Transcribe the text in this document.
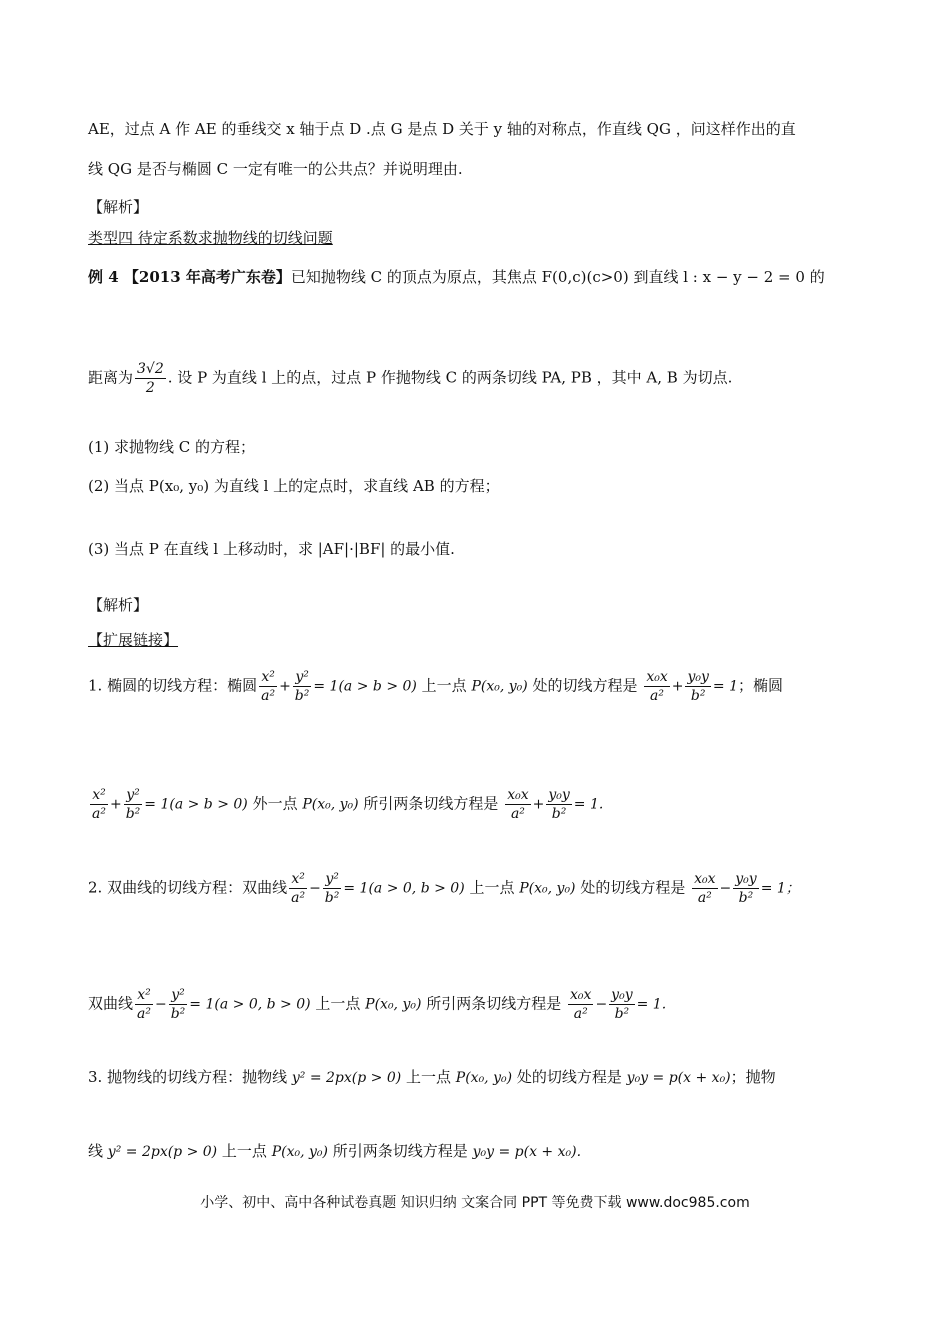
AE，过点 A 作 AE 的垂线交 x 轴于点 D .点 G 是点 D 关于 y 轴的对称点，作直线 QG ，问这样作出的直
线 QG 是否与椭圆 C 一定有唯一的公共点？并说明理由.
【解析】
类型四 待定系数求抛物线的切线问题
例 4 【2013 年高考广东卷】已知抛物线 C 的顶点为原点，其焦点 F(0,c)(c>0) 到直线 l : x − y − 2 = 0 的
距离为 $\frac{3√2}{2}$ . 设 P 为直线 l 上的点，过点 P 作抛物线 C 的两条切线 PA, PB ，其中 A, B 为切点.
(1) 求抛物线 C 的方程；
(2) 当点 P(x₀, y₀) 为直线 l 上的定点时，求直线 AB 的方程；
(3) 当点 P 在直线 l 上移动时，求 |AF|·|BF| 的最小值.
【解析】
【扩展链接】
1. 椭圆的切线方程：椭圆 $\frac{\text{x²}}{\text{a²}} + \frac{\text{y²}}{\text{b²}} = 1(a > b > 0)$ 上一点 P(x₀, y₀) 处的切线方程是 $\frac{\text{x₀x}}{\text{a²}} + \frac{\text{y₀y}}{\text{b²}} = 1$；椭圆
$\frac{\text{x²}}{\text{a²}} + \frac{\text{y²}}{\text{b²}} = 1(a > b > 0)$ 外一点 P(x₀, y₀) 所引两条切线方程是 $\frac{\text{x₀x}}{\text{a²}} + \frac{\text{y₀y}}{\text{b²}} = 1$.
2. 双曲线的切线方程：双曲线 $\frac{\text{x²}}{\text{a²}} - \frac{\text{y²}}{\text{b²}} = 1(a > 0$, b > 0) 上一点 P(x₀, y₀) 处的切线方程是 $\frac{\text{x₀x}}{\text{a²}} - \frac{\text{y₀y}}{\text{b²}} = 1$；
双曲线 $\frac{\text{x²}}{\text{a²}} - \frac{\text{y²}}{\text{b²}} = 1(a > 0$, b > 0) 上一点 P(x₀, y₀) 所引两条切线方程是 $\frac{\text{x₀x}}{\text{a²}} - \frac{\text{y₀y}}{\text{b²}} = 1$.
3. 抛物线的切线方程：抛物线 y² = 2px(p > 0) 上一点 P(x₀, y₀) 处的切线方程是 y₀y = p(x + x₀)；抛物
线 y² = 2px(p > 0) 上一点 P(x₀, y₀) 所引两条切线方程是 y₀y = p(x + x₀).
小学、初中、高中各种试卷真题 知识归纳 文案合同 PPT 等免费下载 www.doc985.com
